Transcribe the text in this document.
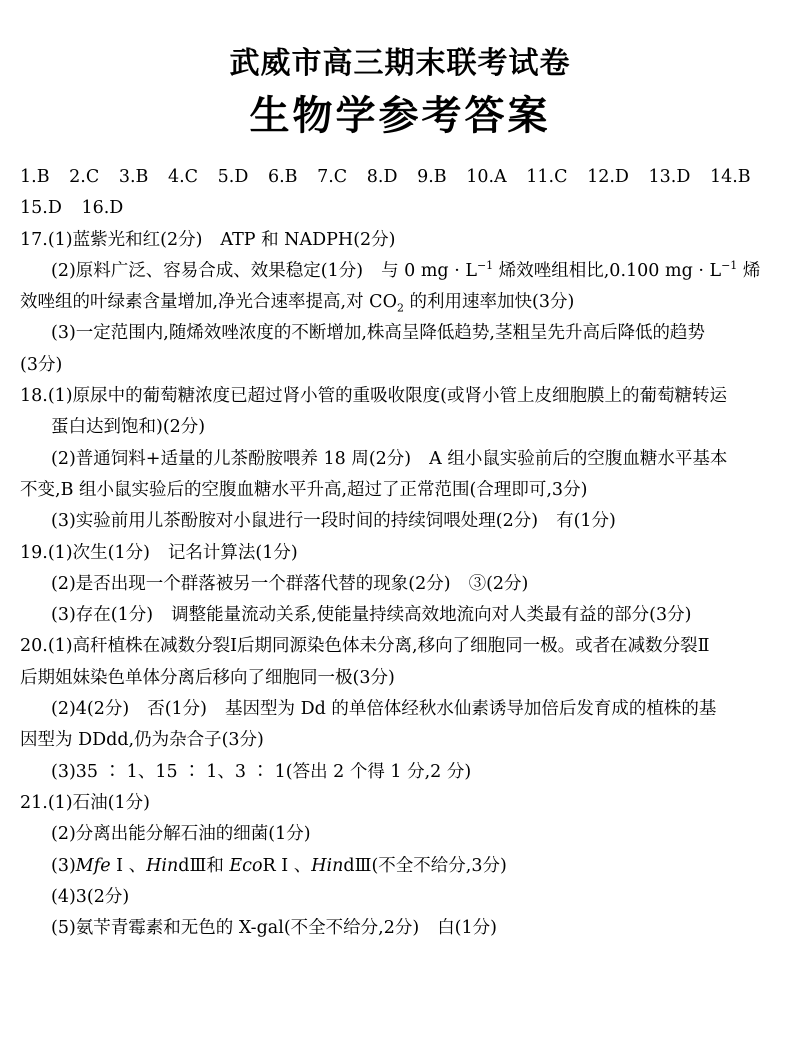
武威市高三期末联考试卷
生物学参考答案
1.B 2.C 3.B 4.C 5.D 6.B 7.C 8.D 9.B 10.A 11.C 12.D 13.D 14.B
15.D 16.D
17.(1)蓝紫光和红(2分) ATP 和 NADPH(2分)
(2)原料广泛、容易合成、效果稳定(1分) 与 0 mg · $L^{-1}$ 烯效唑组相比,0.100 mg · $L^{-1}$ 烯
效唑组的叶绿素含量增加,净光合速率提高,对 $CO_2$ 的利用速率加快(3分)
(3)一定范围内,随烯效唑浓度的不断增加,株高呈降低趋势,茎粗呈先升高后降低的趋势
(3分)
18.(1)原尿中的葡萄糖浓度已超过肾小管的重吸收限度(或肾小管上皮细胞膜上的葡萄糖转运
蛋白达到饱和)(2分)
(2)普通饲料+适量的儿茶酚胺喂养 18 周(2分) A 组小鼠实验前后的空腹血糖水平基本
不变,B 组小鼠实验后的空腹血糖水平升高,超过了正常范围(合理即可,3分)
(3)实验前用儿茶酚胺对小鼠进行一段时间的持续饲喂处理(2分) 有(1分)
19.(1)次生(1分) 记名计算法(1分)
(2)是否出现一个群落被另一个群落代替的现象(2分) ③(2分)
(3)存在(1分) 调整能量流动关系,使能量持续高效地流向对人类最有益的部分(3分)
20.(1)高秆植株在减数分裂Ⅰ后期同源染色体未分离,移向了细胞同一极。或者在减数分裂Ⅱ
后期姐妹染色单体分离后移向了细胞同一极(3分)
(2)4(2分) 否(1分) 基因型为 Dd 的单倍体经秋水仙素诱导加倍后发育成的植株的基
因型为 DDdd,仍为杂合子(3分)
(3)35 ∶ 1、15 ∶ 1、3 ∶ 1(答出 2 个得 1 分,2 分)
21.(1)石油(1分)
(2)分离出能分解石油的细菌(1分)
(3)Mfe Ⅰ 、HindⅢ和 EcoR Ⅰ 、HindⅢ(不全不给分,3分)
(4)3(2分)
(5)氨苄青霉素和无色的 X-gal(不全不给分,2分) 白(1分)
